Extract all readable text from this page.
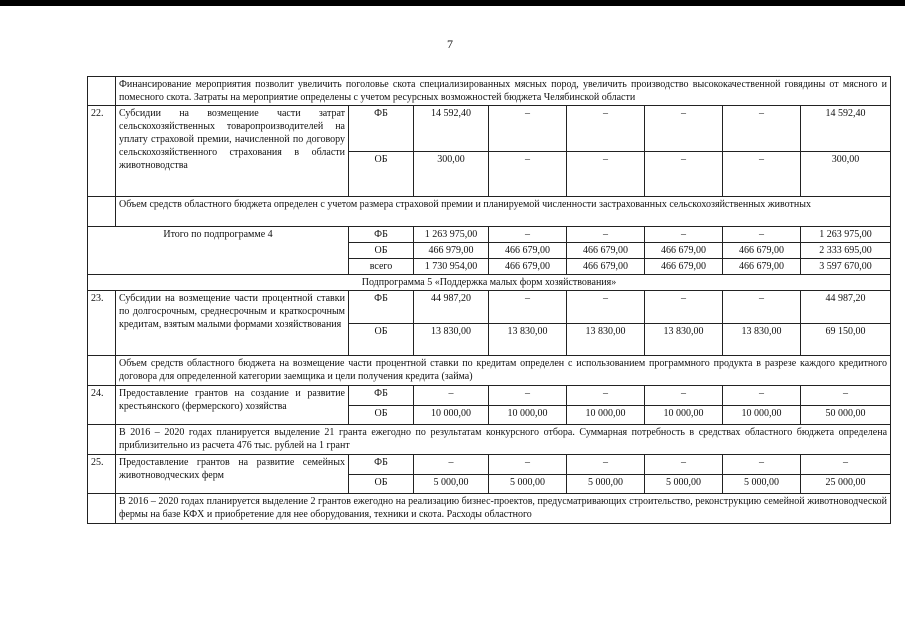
7
	Финансирование мероприятия позволит увеличить поголовье скота специализированных мясных пород, увеличить производство высококачественной говядины от мясного и помесного скота. Затраты на мероприятие определены с учетом ресурсных возможностей бюджета Челябинской области							
22.	Субсидии на возмещение части затрат сельскохозяйственных товаропроизводителей на уплату страховой премии, начисленной по договору сельскохозяйственного страхования в области животноводства	ФБ	14 592,40	–	–	–	–	14 592,40
		ОБ	300,00	–	–	–	–	300,00
	Объем средств областного бюджета определен с учетом размера страховой премии и планируемой численности застрахованных сельскохозяйственных животных							
Итого по подпрограмме 4		ФБ	1 263 975,00	–	–	–	–	1 263 975,00
		ОБ	466 979,00	466 679,00	466 679,00	466 679,00	466 679,00	2 333 695,00
		всего	1 730 954,00	466 679,00	466 679,00	466 679,00	466 679,00	3 597 670,00
Подпрограмма 5 «Поддержка малых форм хозяйствования»								
23.	Субсидии на возмещение части процентной ставки по долгосрочным, среднесрочным и краткосрочным кредитам, взятым малыми формами хозяйствования	ФБ	44 987,20	–	–	–	–	44 987,20
		ОБ	13 830,00	13 830,00	13 830,00	13 830,00	13 830,00	69 150,00
	Объем средств областного бюджета на возмещение части процентной ставки по кредитам определен с использованием программного продукта в разрезе каждого кредитного договора для определенной категории заемщика и цели получения кредита (займа)							
24.	Предоставление грантов на создание и развитие крестьянского (фермерского) хозяйства	ФБ	–	–	–	–	–	–
		ОБ	10 000,00	10 000,00	10 000,00	10 000,00	10 000,00	50 000,00
	В 2016 – 2020 годах планируется выделение 21 гранта ежегодно по результатам конкурсного отбора. Суммарная потребность в средствах областного бюджета определена приблизительно из расчета 476 тыс. рублей на 1 грант							
25.	Предоставление грантов на развитие семейных животноводческих ферм	ФБ	–	–	–	–	–	–
		ОБ	5 000,00	5 000,00	5 000,00	5 000,00	5 000,00	25 000,00
	В 2016 – 2020 годах планируется выделение 2 грантов ежегодно на реализацию бизнес-проектов, предусматривающих строительство, реконструкцию семейной животноводческой фермы на базе КФХ и приобретение для нее оборудования, техники и скота. Расходы областного							
